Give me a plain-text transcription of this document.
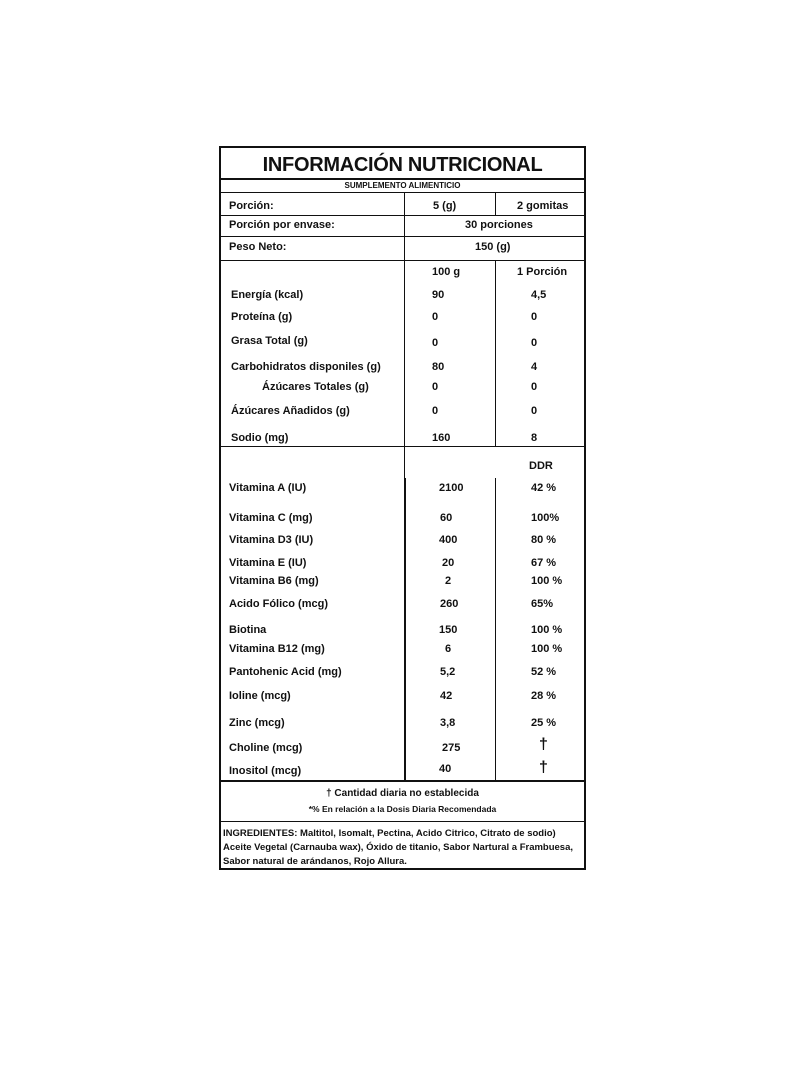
INFORMACIÓN NUTRICIONAL
SUMPLEMENTO ALIMENTICIO
Porción:	5 (g)	2 gomitas
Porción por envase:	30 porciones
Peso Neto:	150 (g)
100 g	1 Porción
Energía (kcal)	90	4,5
Proteína (g)	0	0
Grasa Total (g)	0	0
Carbohidratos disponiles (g)	80	4
Ázúcares Totales (g)	0	0
Ázúcares Añadidos (g)	0	0
Sodio (mg)	160	8
DDR
Vitamina A (IU)	2100	42 %
Vitamina C (mg)	60	100%
Vitamina D3 (IU)	400	80 %
Vitamina E (IU)	20	67 %
Vitamina B6 (mg)	2	100 %
Acido Fólico (mcg)	260	65%
Biotina	150	100 %
Vitamina B12 (mg)	6	100 %
Pantohenic Acid (mg)	5,2	52 %
Ioline (mcg)	42	28 %
Zinc (mcg)	3,8	25 %
Choline (mcg)	275	†
Inositol (mcg)	40	†
† Cantidad diaria no establecida
*% En relación a la Dosis Diaria Recomendada
INGREDIENTES: Maltitol, Isomalt, Pectina, Acido Citrico, Citrato de sodio)
Aceite Vegetal (Carnauba wax), Óxido de titanio, Sabor Nartural a Frambuesa,
Sabor natural de arándanos, Rojo Allura.
